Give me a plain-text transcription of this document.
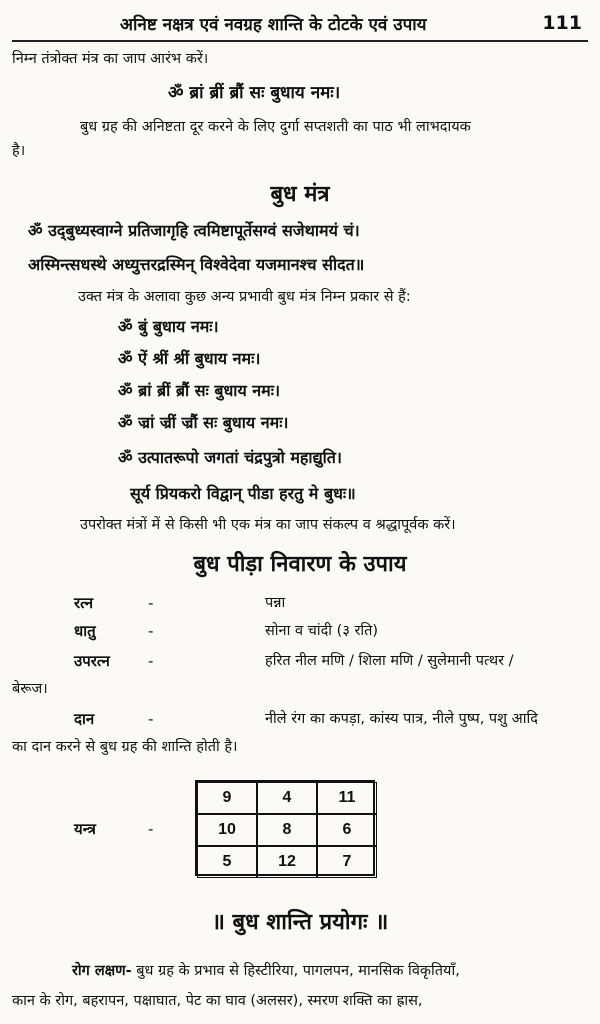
अनिष्ट नक्षत्र एवं नवग्रह शान्ति के टोटके एवं उपाय	111
निम्न तंत्रोक्त मंत्र का जाप आरंभ करें।
ॐ ब्रां ब्रीं ब्रौं सः बुधाय नमः।
बुध ग्रह की अनिष्टता दूर करने के लिए दुर्गा सप्तशती का पाठ भी लाभदायक
है।
बुध मंत्र
ॐ उद्‌बुध्यस्वाग्ने प्रतिजागृहि त्वमिष्टापूर्तेसग्वं सजेथामयं चं।
अस्मिन्त्सधस्थे अध्युत्तरद्रस्मिन्‌ विश्वेदेवा यजमानश्च सीदत॥
उक्त मंत्र के अलावा कुछ अन्य प्रभावी बुध मंत्र निम्न प्रकार से हैं:
ॐ बुं बुधाय नमः।
ॐ ऐं श्रीं श्रीं बुधाय नमः।
ॐ ब्रां ब्रीं ब्रौं सः बुधाय नमः।
ॐ ज्रां ज्रीं ज्रौं सः बुधाय नमः।
ॐ उत्पातरूपो जगतां चंद्रपुत्रो महाद्युति।
सूर्य प्रियकरो विद्वान्‌ पीडा हरतु मे बुधः॥
उपरोक्त मंत्रों में से किसी भी एक मंत्र का जाप संकल्प व श्रद्धापूर्वक करें।
बुध पीड़ा निवारण के उपाय
रत्न	-	पन्ना
धातु	-	सोना व चांदी (३ रति)
उपरत्न	-	हरित नील मणि / शिला मणि / सुलेमानी पत्थर /
बेरूज।
दान	-	नीले रंग का कपड़ा, कांस्य पात्र, नीले पुष्प, पशु आदि
का दान करने से बुध ग्रह की शान्ति होती है।
यन्त्र	-
9	4	11
10	8	6
5	12	7
॥ बुध शान्ति प्रयोगः ॥
रोग लक्षण- बुध ग्रह के प्रभाव से हिस्टीरिया, पागलपन, मानसिक विकृतियाँ,
कान के रोग, बहरापन, पक्षाघात, पेट का घाव (अलसर), स्मरण शक्ति का ह्रास,
